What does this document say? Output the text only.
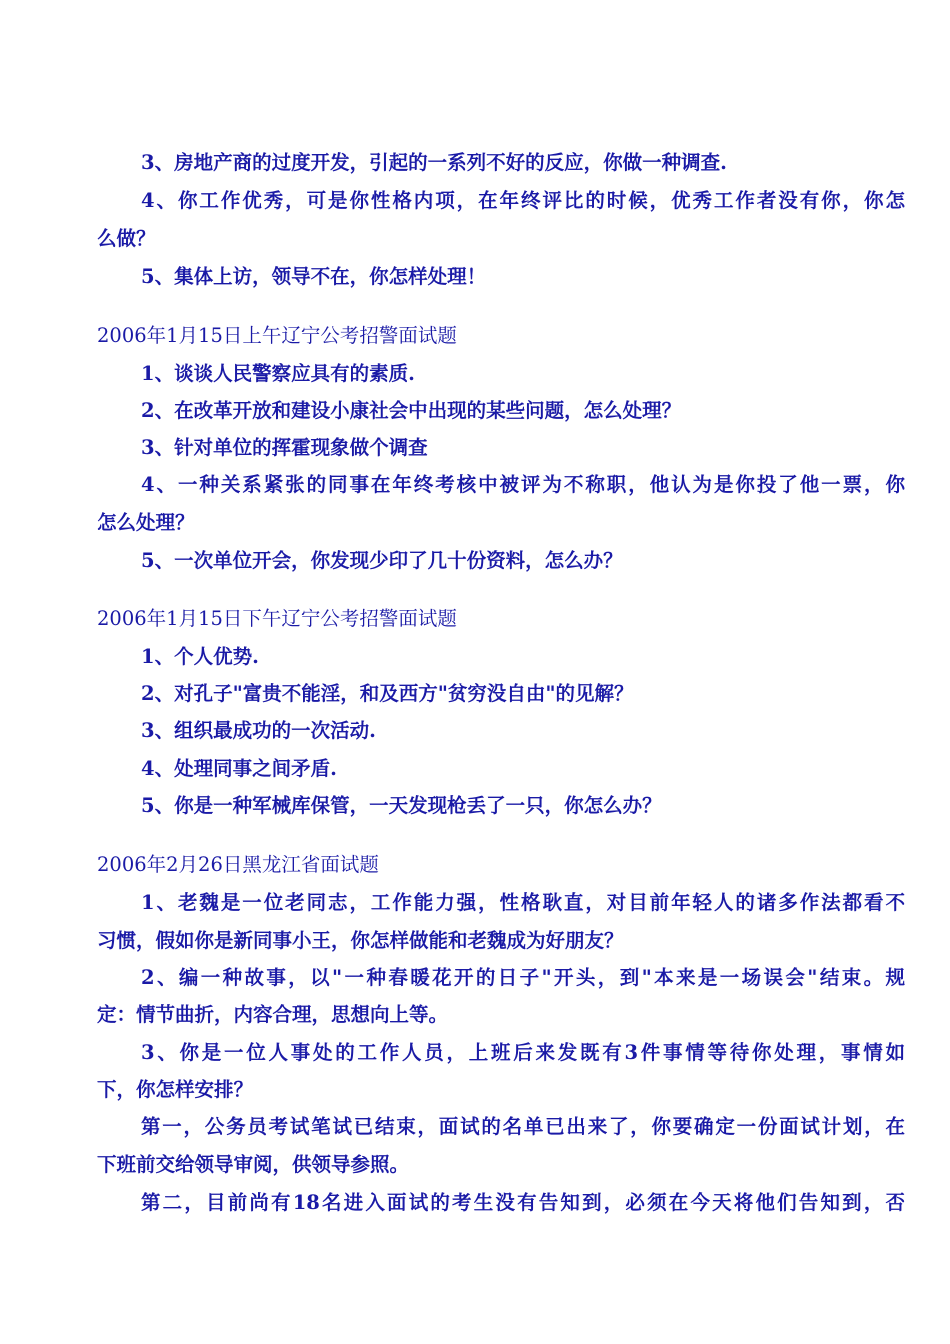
3、房地产商的过度开发，引起的一系列不好的反应，你做一种调查.
4、你工作优秀，可是你性格内项，在年终评比的时候，优秀工作者没有你，你怎
么做？
5、集体上访，领导不在，你怎样处理！
2006年1月15日上午辽宁公考招警面试题
1、谈谈人民警察应具有的素质.
2、在改革开放和建设小康社会中出现的某些问题，怎么处理？
3、针对单位的挥霍现象做个调查
4、一种关系紧张的同事在年终考核中被评为不称职，他认为是你投了他一票，你
怎么处理？
5、一次单位开会，你发现少印了几十份资料，怎么办？
2006年1月15日下午辽宁公考招警面试题
1、个人优势.
2、对孔子"富贵不能淫，和及西方"贫穷没自由"的见解？
3、组织最成功的一次活动.
4、处理同事之间矛盾.
5、你是一种军械库保管，一天发现枪丢了一只，你怎么办？
2006年2月26日黑龙江省面试题
1、老魏是一位老同志，工作能力强，性格耿直，对目前年轻人的诸多作法都看不
习惯，假如你是新同事小王，你怎样做能和老魏成为好朋友？
2、编一种故事，以"一种春暖花开的日子"开头，到"本来是一场误会"结束。规
定：情节曲折，内容合理，思想向上等。
3、你是一位人事处的工作人员，上班后来发既有3件事情等待你处理，事情如
下，你怎样安排？
第一，公务员考试笔试已结束，面试的名单已出来了，你要确定一份面试计划，在
下班前交给领导审阅，供领导参照。
第二，目前尚有18名进入面试的考生没有告知到，必须在今天将他们告知到，否
